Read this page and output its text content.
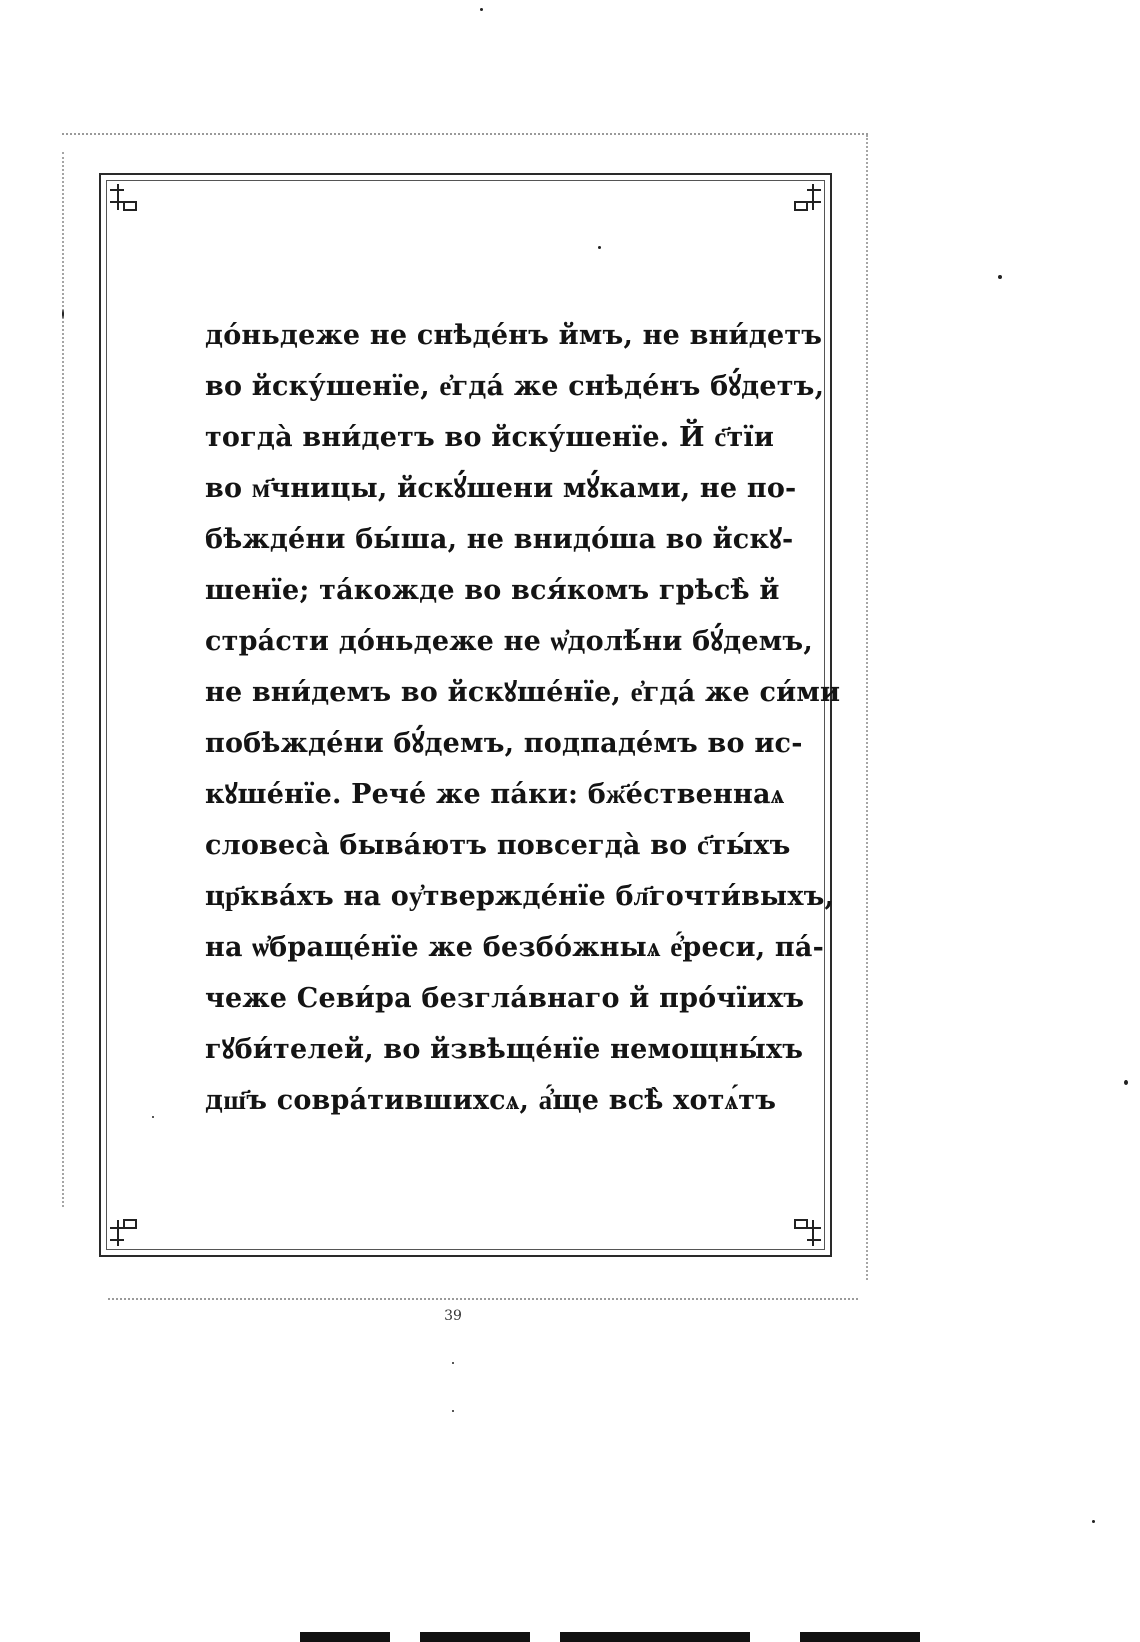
до́ньдеже не снѣде́нъ ймъ, не вни́детъ
во йску́шенїе, е҆гда́ же снѣде́нъ бꙋ́детъ,
тогда̀ вни́детъ во йску́шенїе. Й с҃тїи
во м҃чницы, йскꙋ́шени мꙋ́ками, не по-
бѣжде́ни бы́ша, не внидо́ша во йскꙋ-
шенїе; та́кожде во вся́комъ грѣсѣ̀ й
стра́сти до́ньдеже не ѡ҆долѣ́ни бꙋ́демъ,
не вни́демъ во йскꙋше́нїе, е҆гда́ же си́ми
побѣжде́ни бꙋ́демъ, подпаде́мъ во ис-
кꙋше́нїе. Рече́ же па́ки: бж҃е́ственнаѧ
словеса̀ быва́ютъ повсегда̀ во с҃ты́хъ
цр҃ква́хъ на оу҆твержде́нїе бл҃гочти́выхъ,
на ѡ҆браще́нїе же безбо́жныѧ е҆́реси, па́-
чеже Севи́ра безгла́внаго й про́чїихъ
гꙋби́телей, во йзвѣще́нїе немощны́хъ
дш҃ъ совра́тившихсѧ, а҆́ще всѣ̀ хотѧ́тъ
39
